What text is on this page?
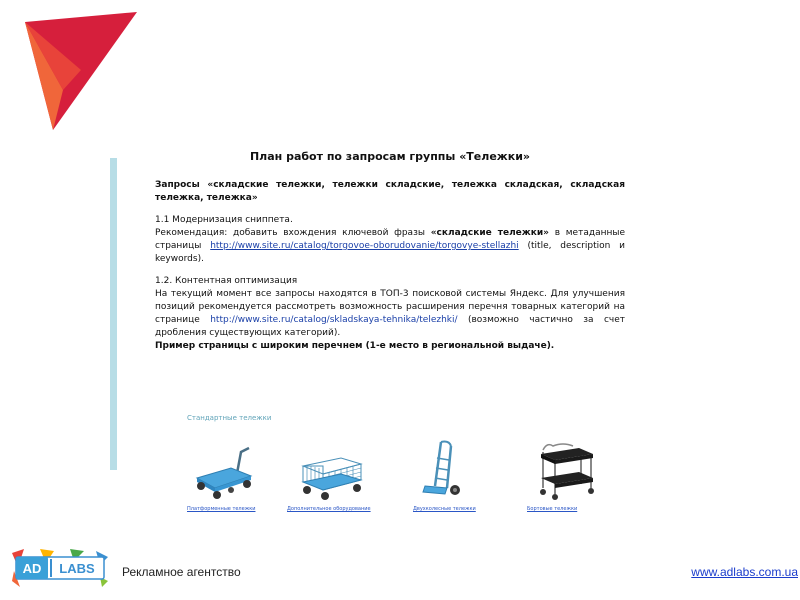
План работ по запросам группы «Тележки»

Запросы «складские тележки, тележки складские, тележка складская, складская тележка, тележка»

1.1 Модернизация сниппета.

Рекомендация: добавить вхождения ключевой фразы «складские тележки» в метаданные страницы http://www.site.ru/catalog/torgovoe-oborudovanie/torgovye-stellazhi (title, description и keywords).

1.2. Контентная оптимизация

На текущий момент все запросы находятся в ТОП-3 поисковой системы Яндекс. Для улучшения позиций рекомендуется рассмотреть возможность расширения перечня товарных категорий на странице http://www.site.ru/catalog/skladskaya-tehnika/telezhki/ (возможно частично за счет дробления существующих категорий).

Пример страницы с широким перечнем (1-е место в региональной выдаче).

Стандартные тележки
Платформенные тележки	Дополнительное оборудование	Двухколесные тележки	Бортовые тележки
AD LABS Рекламное агентство	www.adlabs.com.ua
